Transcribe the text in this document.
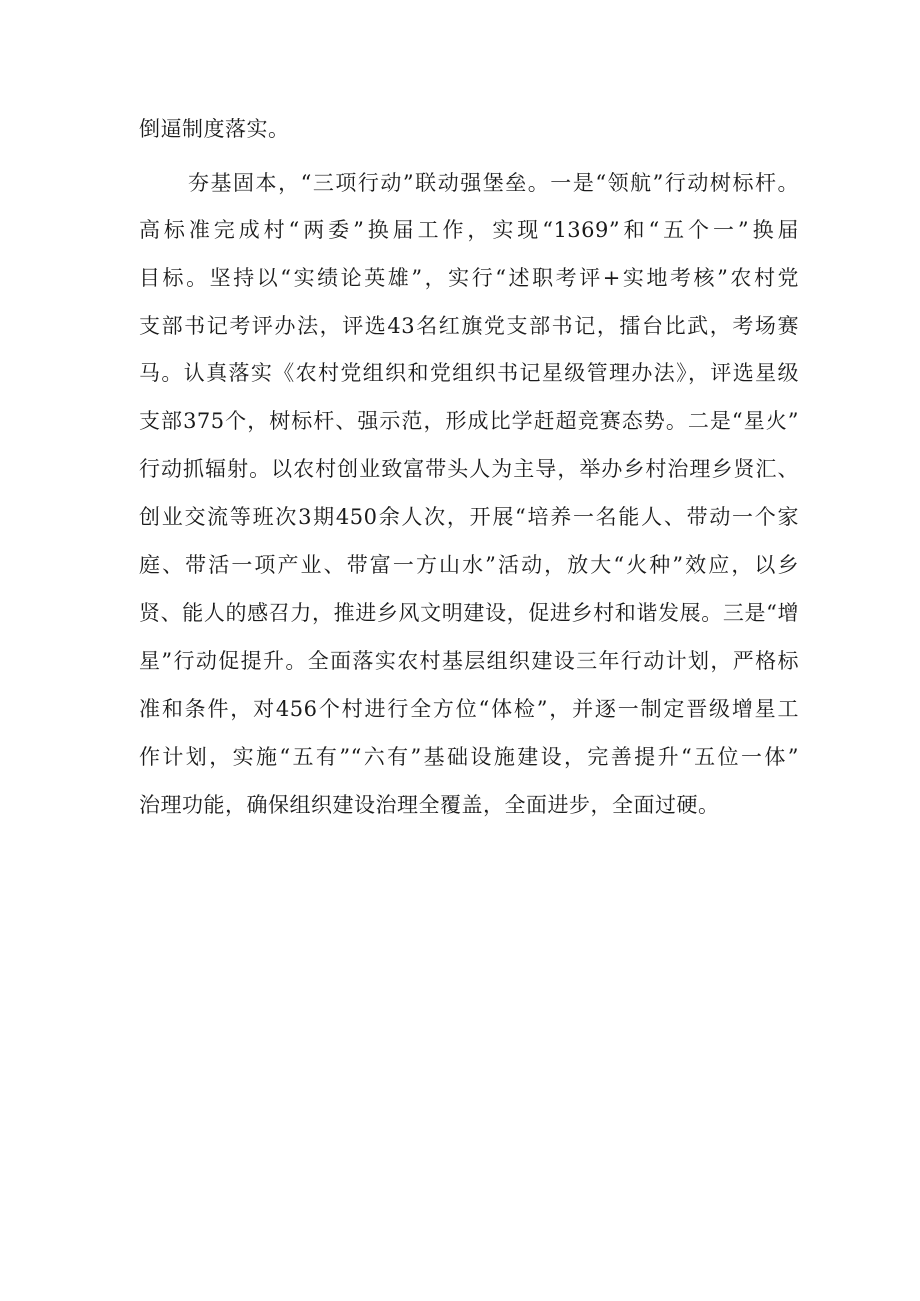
倒逼制度落实。
夯基固本，“三项行动”联动强堡垒。一是“领航”行动树标杆。
高标准完成村“两委”换届工作，实现“1369”和“五个一”换届
目标。坚持以“实绩论英雄”，实行“述职考评+实地考核”农村党
支部书记考评办法，评选43名红旗党支部书记，擂台比武，考场赛
马。认真落实《农村党组织和党组织书记星级管理办法》，评选星级
支部375个，树标杆、强示范，形成比学赶超竞赛态势。二是“星火”
行动抓辐射。以农村创业致富带头人为主导，举办乡村治理乡贤汇、
创业交流等班次3期450余人次，开展“培养一名能人、带动一个家
庭、带活一项产业、带富一方山水”活动，放大“火种”效应，以乡
贤、能人的感召力，推进乡风文明建设，促进乡村和谐发展。三是“增
星”行动促提升。全面落实农村基层组织建设三年行动计划，严格标
准和条件，对456个村进行全方位“体检”，并逐一制定晋级增星工
作计划，实施“五有”“六有”基础设施建设，完善提升“五位一体”
治理功能，确保组织建设治理全覆盖，全面进步，全面过硬。
